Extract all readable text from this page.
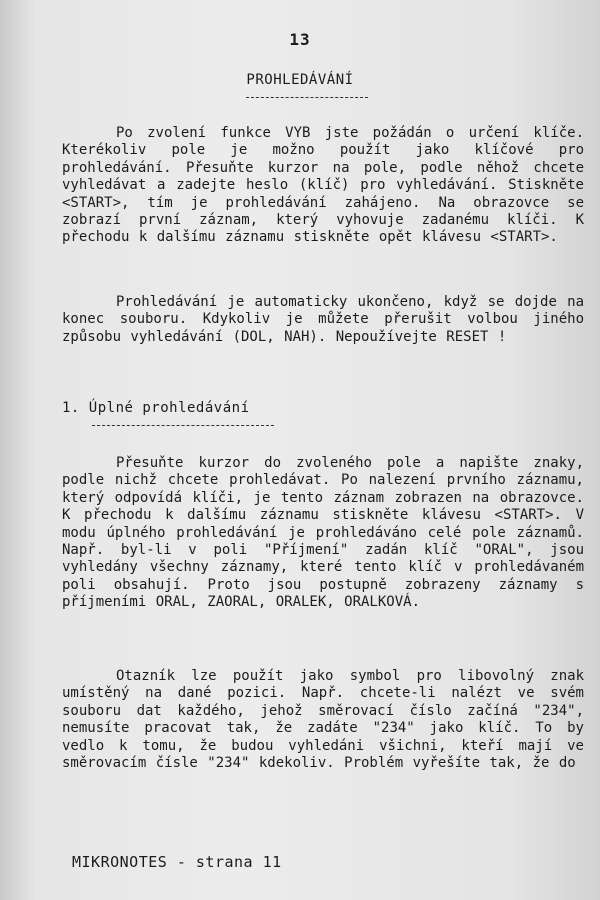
13
PROHLEDÁVÁNÍ

Po zvolení funkce VYB jste požádán o určení klíče. Kterékoliv pole je možno použít jako klíčové pro prohledávání. Přesuňte kurzor na pole, podle něhož chcete vyhledávat a zadejte heslo (klíč) pro vyhledávání. Stiskněte <START>, tím je prohledávání zahájeno. Na obrazovce se zobrazí první záznam, který vyhovuje zadanému klíči. K přechodu k dalšímu záznamu stiskněte opět klávesu <START>.

Prohledávání je automaticky ukončeno, když se dojde na konec souboru. Kdykoliv je můžete přerušit volbou jiného způsobu vyhledávání (DOL, NAH). Nepoužívejte RESET !

1. Úplné prohledávání

Přesuňte kurzor do zvoleného pole a napište znaky, podle nichž chcete prohledávat. Po nalezení prvního záznamu, který odpovídá klíči, je tento záznam zobrazen na obrazovce. K přechodu k dalšímu záznamu stiskněte klávesu <START>. V modu úplného prohledávání je prohledáváno celé pole záznamů. Např. byl-li v poli "Příjmení" zadán klíč "ORAL", jsou vyhledány všechny záznamy, které tento klíč v prohledávaném poli obsahují. Proto jsou postupně zobrazeny záznamy s příjmeními ORAL, ZAORAL, ORALEK, ORALKOVÁ.

Otazník lze použít jako symbol pro libovolný znak umístěný na dané pozici. Např. chcete-li nalézt ve svém souboru dat každého, jehož směrovací číslo začíná "234", nemusíte pracovat tak, že zadáte "234" jako klíč. To by vedlo k tomu, že budou vyhledáni všichni, kteří mají ve směrovacím čísle "234" kdekoliv. Problém vyřešíte tak, že do

MIKRONOTES - strana 11
